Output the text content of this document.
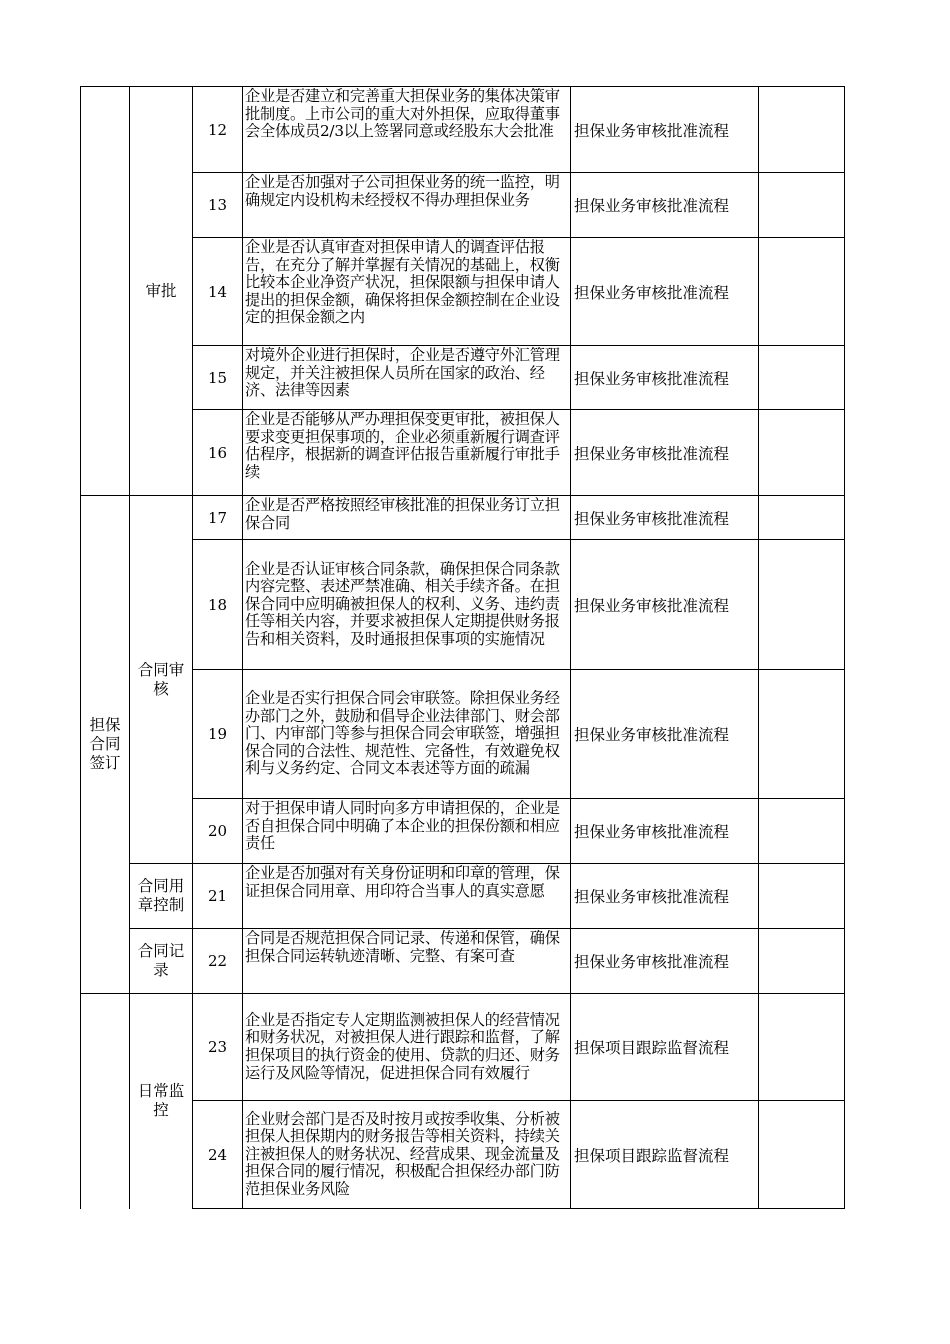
	审批	12	企业是否建立和完善重大担保业务的集体决策审批制度。上市公司的重大对外担保，应取得董事会全体成员2/3以上签署同意或经股东大会批准	担保业务审核批准流程	
		13	企业是否加强对子公司担保业务的统一监控，明确规定内设机构未经授权不得办理担保业务	担保业务审核批准流程	
		14	企业是否认真审查对担保申请人的调查评估报告，在充分了解并掌握有关情况的基础上，权衡比较本企业净资产状况，担保限额与担保申请人提出的担保金额，确保将担保金额控制在企业设定的担保金额之内	担保业务审核批准流程	
		15	对境外企业进行担保时，企业是否遵守外汇管理规定，并关注被担保人员所在国家的政治、经济、法律等因素	担保业务审核批准流程	
		16	企业是否能够从严办理担保变更审批，被担保人要求变更担保事项的，企业必须重新履行调查评估程序，根据新的调查评估报告重新履行审批手续	担保业务审核批准流程	
担保合同签订	合同审核	17	企业是否严格按照经审核批准的担保业务订立担保合同	担保业务审核批准流程	
		18	企业是否认证审核合同条款，确保担保合同条款内容完整、表述严禁准确、相关手续齐备。在担保合同中应明确被担保人的权利、义务、违约责任等相关内容，并要求被担保人定期提供财务报告和相关资料，及时通报担保事项的实施情况	担保业务审核批准流程	
		19	企业是否实行担保合同会审联签。除担保业务经办部门之外，鼓励和倡导企业法律部门、财会部门、内审部门等参与担保合同会审联签，增强担保合同的合法性、规范性、完备性，有效避免权利与义务约定、合同文本表述等方面的疏漏	担保业务审核批准流程	
		20	对于担保申请人同时向多方申请担保的，企业是否自担保合同中明确了本企业的担保份额和相应责任	担保业务审核批准流程	
	合同用章控制	21	企业是否加强对有关身份证明和印章的管理，保证担保合同用章、用印符合当事人的真实意愿	担保业务审核批准流程	
	合同记录	22	合同是否规范担保合同记录、传递和保管，确保担保合同运转轨迹清晰、完整、有案可查	担保业务审核批准流程	
	日常监控	23	企业是否指定专人定期监测被担保人的经营情况和财务状况，对被担保人进行跟踪和监督，了解担保项目的执行资金的使用、贷款的归还、财务运行及风险等情况，促进担保合同有效履行	担保项目跟踪监督流程	
		24	企业财会部门是否及时按月或按季收集、分析被担保人担保期内的财务报告等相关资料，持续关注被担保人的财务状况、经营成果、现金流量及担保合同的履行情况，积极配合担保经办部门防范担保业务风险	担保项目跟踪监督流程	
